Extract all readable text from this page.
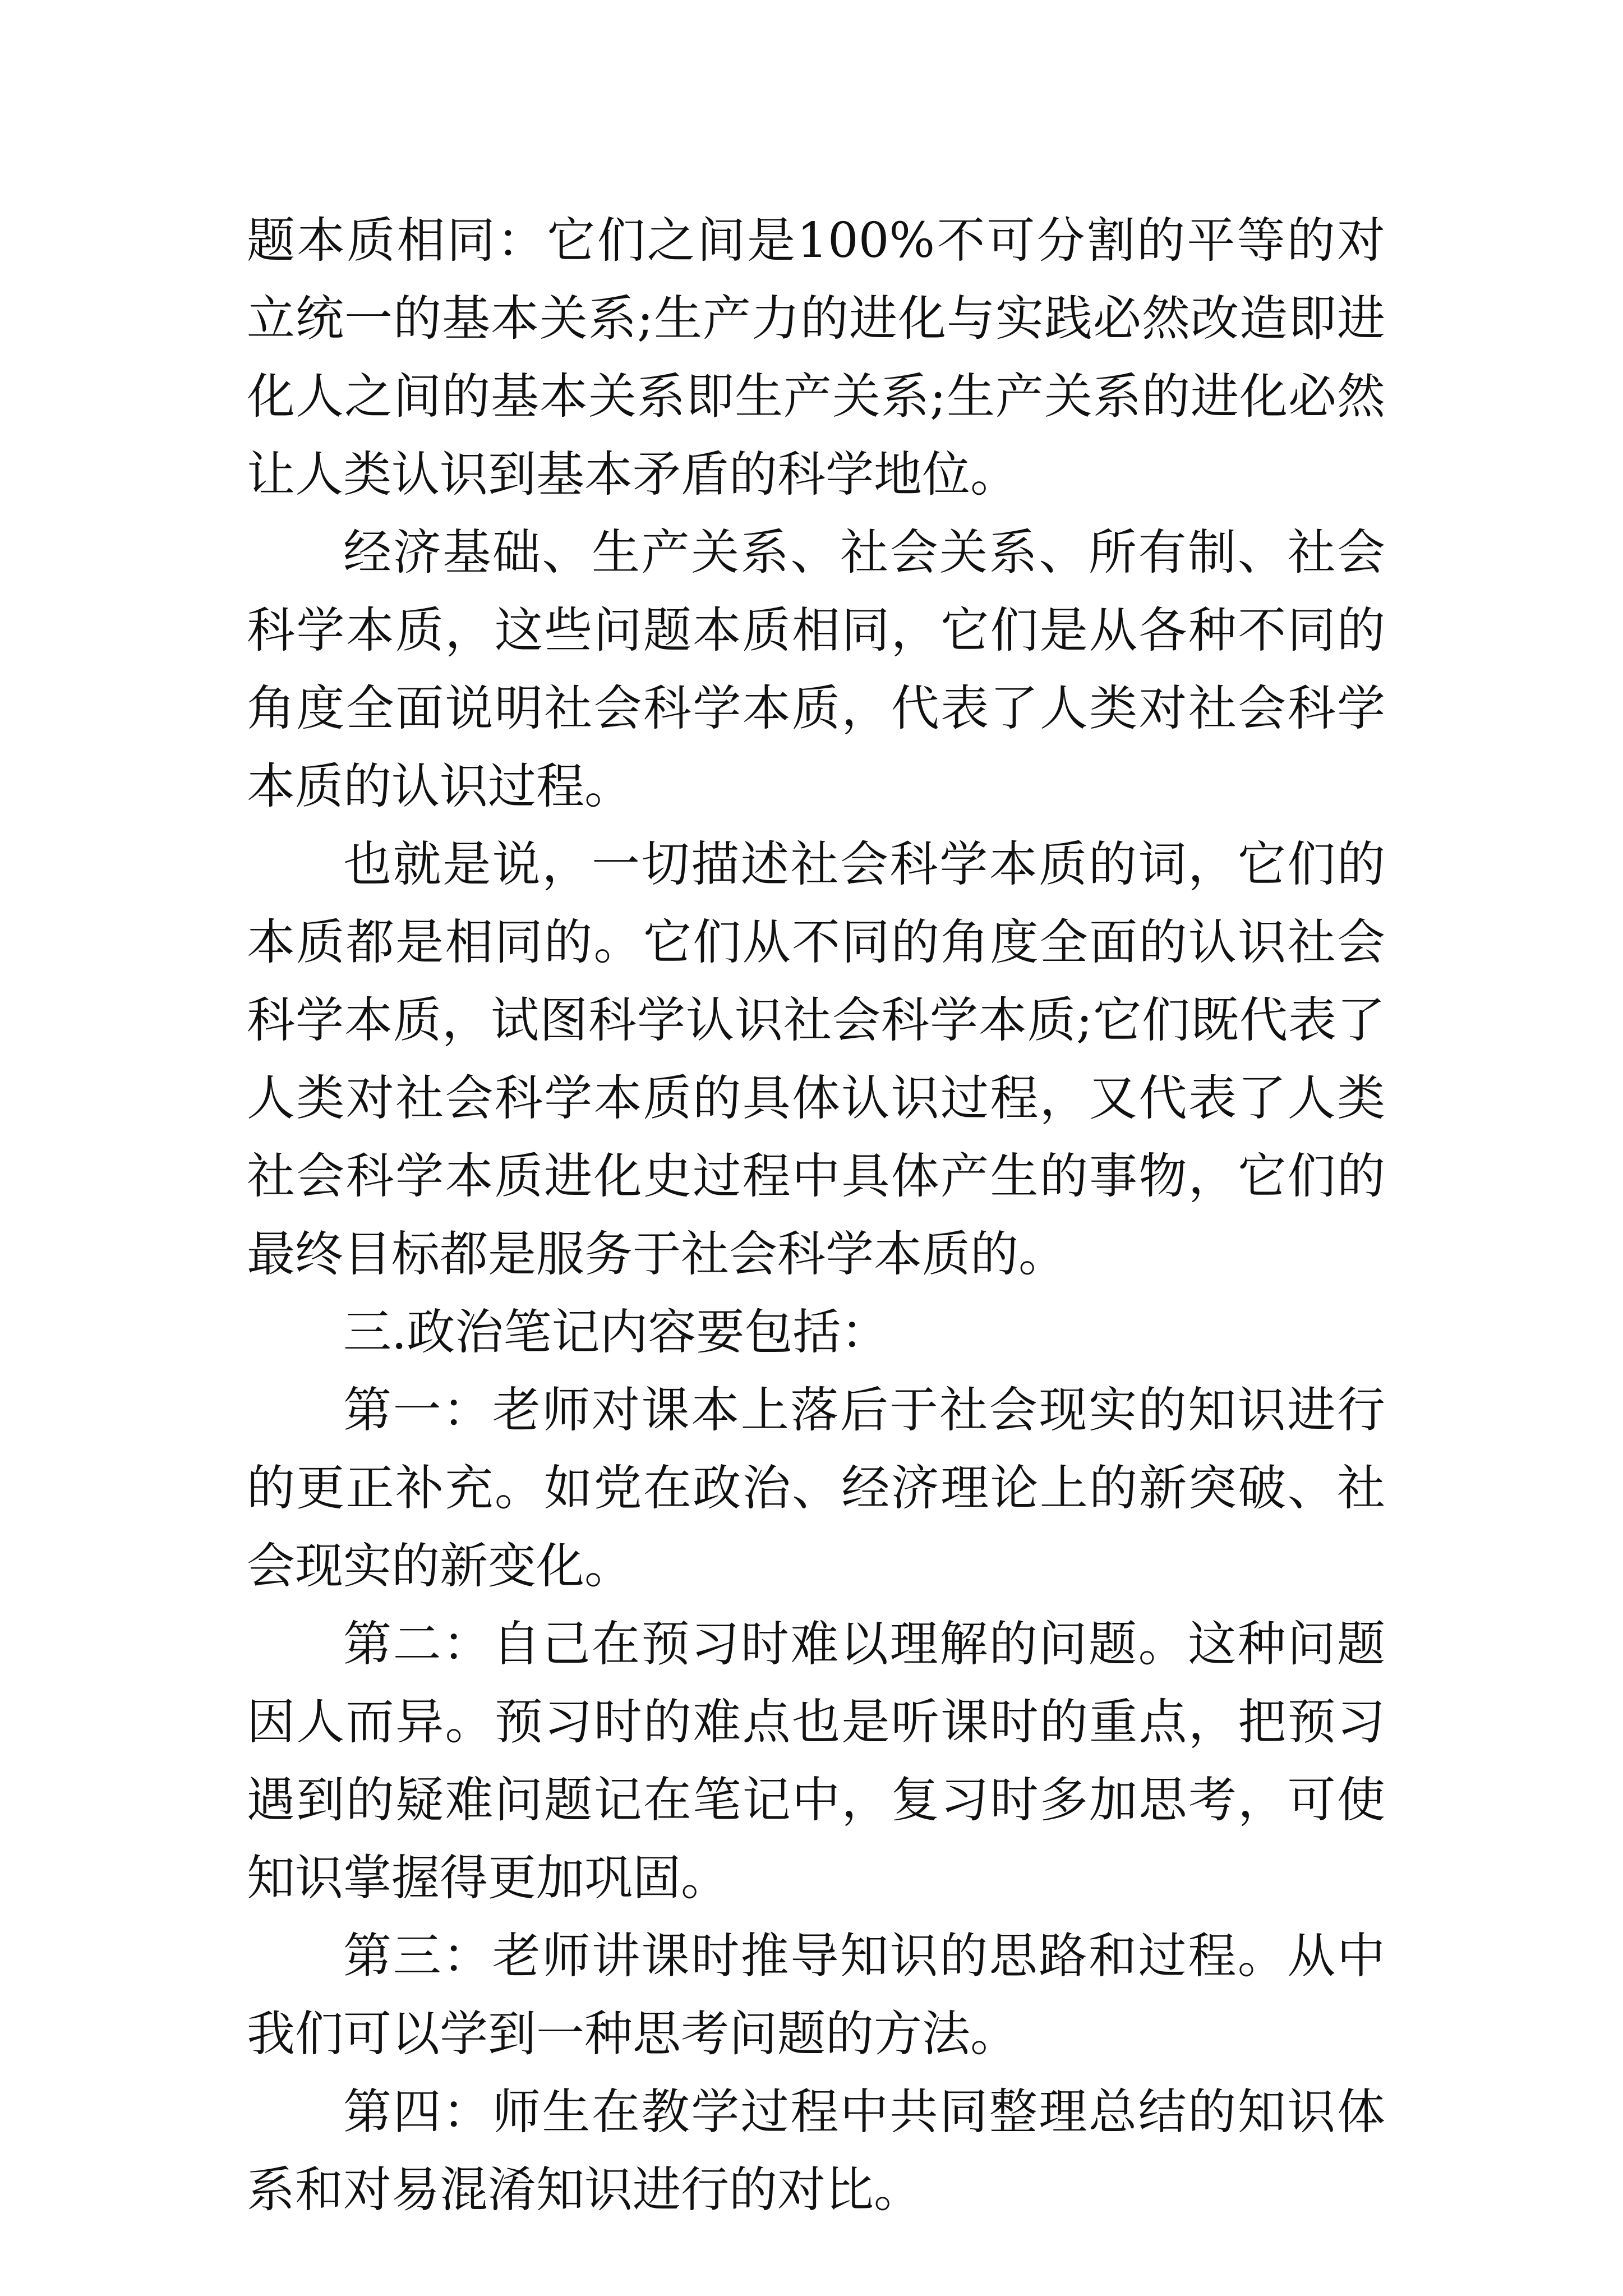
题本质相同：它们之间是100%不可分割的平等的对立统一的基本关系;生产力的进化与实践必然改造即进化人之间的基本关系即生产关系;生产关系的进化必然让人类认识到基本矛盾的科学地位。

经济基础、生产关系、社会关系、所有制、社会科学本质，这些问题本质相同，它们是从各种不同的角度全面说明社会科学本质，代表了人类对社会科学本质的认识过程。

也就是说，一切描述社会科学本质的词，它们的本质都是相同的。它们从不同的角度全面的认识社会科学本质，试图科学认识社会科学本质;它们既代表了人类对社会科学本质的具体认识过程，又代表了人类社会科学本质进化史过程中具体产生的事物，它们的最终目标都是服务于社会科学本质的。

三.政治笔记内容要包括：

第一：老师对课本上落后于社会现实的知识进行的更正补充。如党在政治、经济理论上的新突破、社会现实的新变化。

第二：自己在预习时难以理解的问题。这种问题因人而异。预习时的难点也是听课时的重点，把预习遇到的疑难问题记在笔记中，复习时多加思考，可使知识掌握得更加巩固。

第三：老师讲课时推导知识的思路和过程。从中我们可以学到一种思考问题的方法。

第四：师生在教学过程中共同整理总结的知识体系和对易混淆知识进行的对比。
